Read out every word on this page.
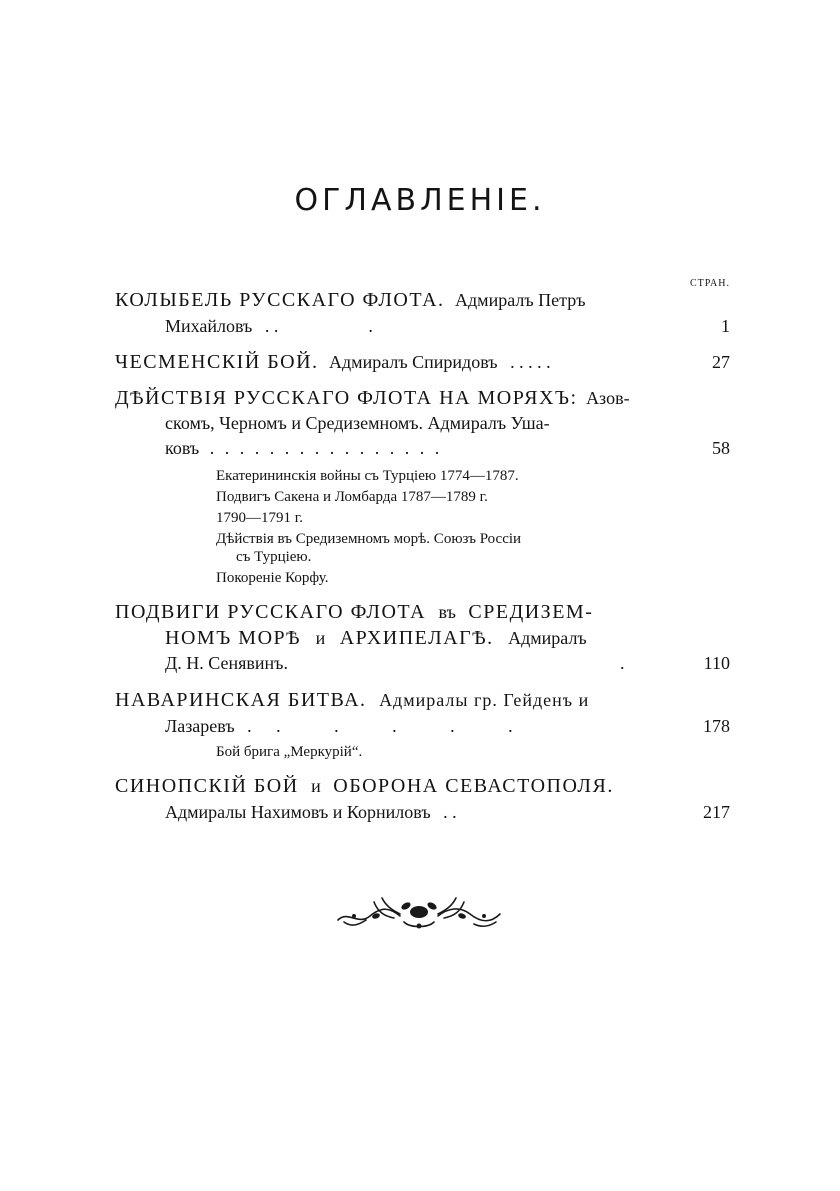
ОГЛАВЛЕНІЕ.
СТРАН.
КОЛЫБЕЛЬ РУССКАГО ФЛОТА. Адмиралъ Петръ
Михайловъ . .                    .	1
ЧЕСМЕНСКІЙ БОЙ. Адмиралъ Спиридовъ . . . . .	27
ДѢЙСТВІЯ РУССКАГО ФЛОТА НА МОРЯХЪ: Азов-
скомъ, Черномъ и Средиземномъ. Адмиралъ Уша-
ковъ . . . . . . . . . . . . . . . .	58
Екатерининскія войны съ Турціею 1774—1787.
Подвигъ Сакена и Ломбарда 1787—1789 г.
1790—1791 г.
Дѣйствія въ Средиземномъ морѣ. Союзъ Россіи
съ Турціею.
Покореніе Корфу.
ПОДВИГИ РУССКАГО ФЛОТА въ СРЕДИЗЕМ-
НОМЪ МОРѢ и АРХИПЕЛАГѢ. Адмиралъ
Д. Н. Сенявинъ.	.	110
НАВАРИНСКАЯ БИТВА. Адмиралы гр. Гейденъ и
Лазаревъ . .   .   .   .   .	178
Бой брига „Меркурій“.
СИНОПСКІЙ БОЙ и ОБОРОНА СЕВАСТОПОЛЯ.
Адмиралы Нахимовъ и Корниловъ . .	217
